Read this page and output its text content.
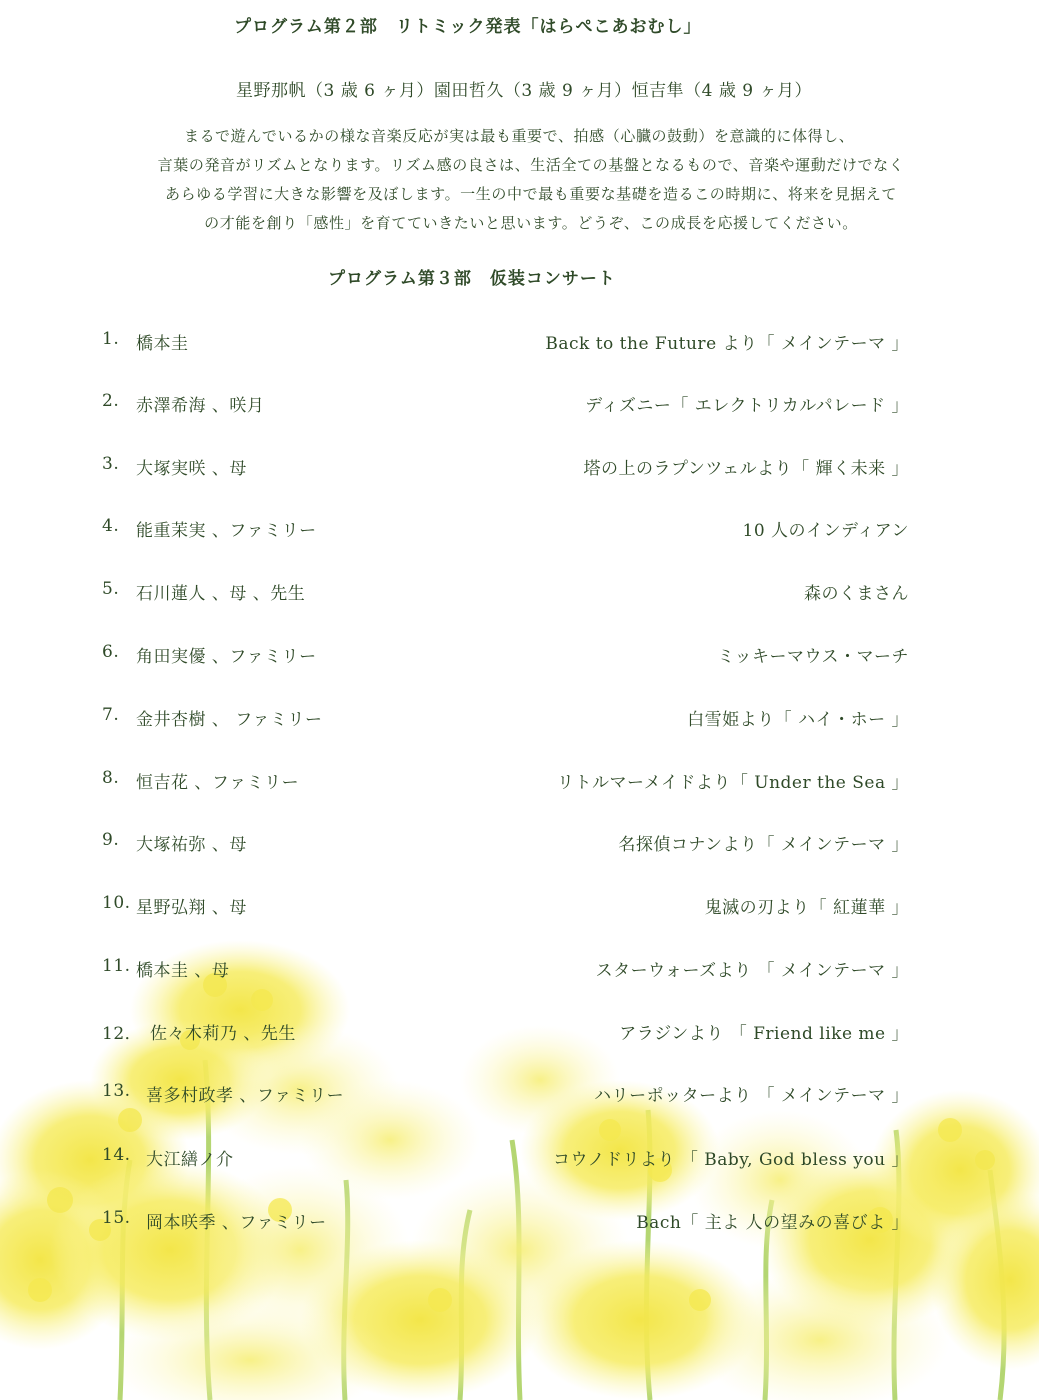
プログラム第２部　リトミック発表「はらぺこあおむし」
星野那帆（3 歳 6 ヶ月）園田哲久（3 歳 9 ヶ月）恒吉隼（4 歳 9 ヶ月）

まるで遊んでいるかの様な音楽反応が実は最も重要で、拍感（心臓の鼓動）を意識的に体得し、

言葉の発音がリズムとなります。リズム感の良さは、生活全ての基盤となるもので、音楽や運動だけでなく

あらゆる学習に大きな影響を及ぼします。一生の中で最も重要な基礎を造るこの時期に、将来を見据えて

の才能を創り「感性」を育てていきたいと思います。どうぞ、この成長を応援してください。

プログラム第３部　仮装コンサート
1. 橋本圭	Back to the Future より「 メインテーマ 」
2. 赤澤希海 、咲月	ディズニー「 エレクトリカルパレード 」
3. 大塚実咲 、母	塔の上のラプンツェルより「 輝く未来 」
4. 能重茉実 、ファミリー	10 人のインディアン
5. 石川蓮人 、母 、先生	森のくまさん
6. 角田実優 、ファミリー	ミッキーマウス・マーチ
7. 金井杏樹 、 ファミリー	白雪姫より「 ハイ・ホー 」
8. 恒吉花 、ファミリー	リトルマーメイドより「 Under the Sea 」
9. 大塚祐弥 、母	名探偵コナンより「 メインテーマ 」
10. 星野弘翔 、母	鬼滅の刃より「 紅蓮華 」
11. 橋本圭 、母	スターウォーズより 「 メインテーマ 」
12． 佐々木莉乃 、先生	アラジンより 「 Friend like me 」
13. 喜多村政孝 、ファミリー	ハリーポッターより 「 メインテーマ 」
14. 大江繕ノ介	コウノドリより 「 Baby, God bless you 」
15. 岡本咲季 、ファミリー	Bach「 主よ 人の望みの喜びよ 」
